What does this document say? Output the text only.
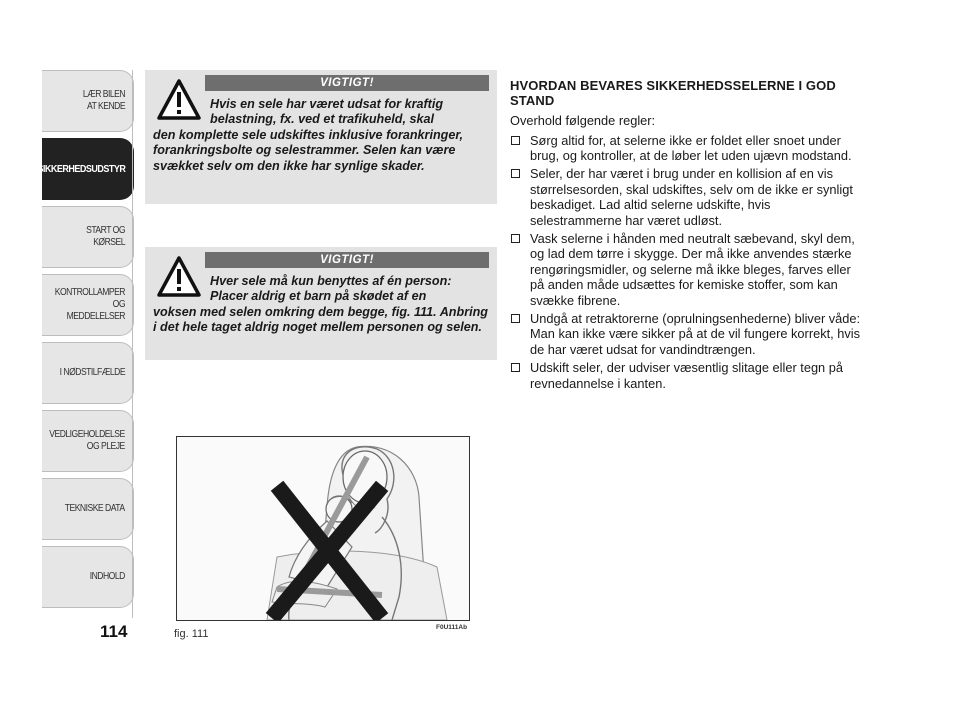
LÆR BILEN
AT KENDE
SIKKERHEDSUDSTYR
START OG KØRSEL
KONTROLLAMPER
OG MEDDELELSER
I NØDSTILFÆLDE
VEDLIGEHOLDELSE
OG PLEJE
TEKNISKE DATA
INDHOLD
114
VIGTIGT!
Hvis en sele har været udsat for kraftig
belastning, fx. ved et trafikuheld, skal
den komplette sele udskiftes inklusive forankringer, forankringsbolte og selestrammer. Selen kan være svækket selv om den ikke har synlige skader.
VIGTIGT!
Hver sele må kun benyttes af én person:
Placer aldrig et barn på skødet af en
voksen med selen omkring dem begge, fig. 111. Anbring i det hele taget aldrig noget mellem personen og selen.
HVORDAN BEVARES SIKKERHEDSSELERNE I GOD STAND
Overhold følgende regler:
Sørg altid for, at selerne ikke er foldet eller snoet under brug, og kontroller, at de løber let uden ujævn modstand.
Seler, der har været i brug under en kollision af en vis størrelsesorden, skal udskiftes, selv om de ikke er synligt beskadiget. Lad altid selerne udskifte, hvis selestrammerne har været udløst.
Vask selerne i hånden med neutralt sæbevand, skyl dem, og lad dem tørre i skygge. Der må ikke anvendes stærke rengøringsmidler, og selerne må ikke bleges, farves eller på anden måde udsættes for kemiske stoffer, som kan svække fibrene.
Undgå at retraktorerne (oprulningsenhederne) bliver våde: Man kan ikke være sikker på at de vil fungere korrekt, hvis de har været udsat for vandindtrængen.
Udskift seler, der udviser væsentlig slitage eller tegn på revnedannelse i kanten.
fig. 111
F0U111Ab
